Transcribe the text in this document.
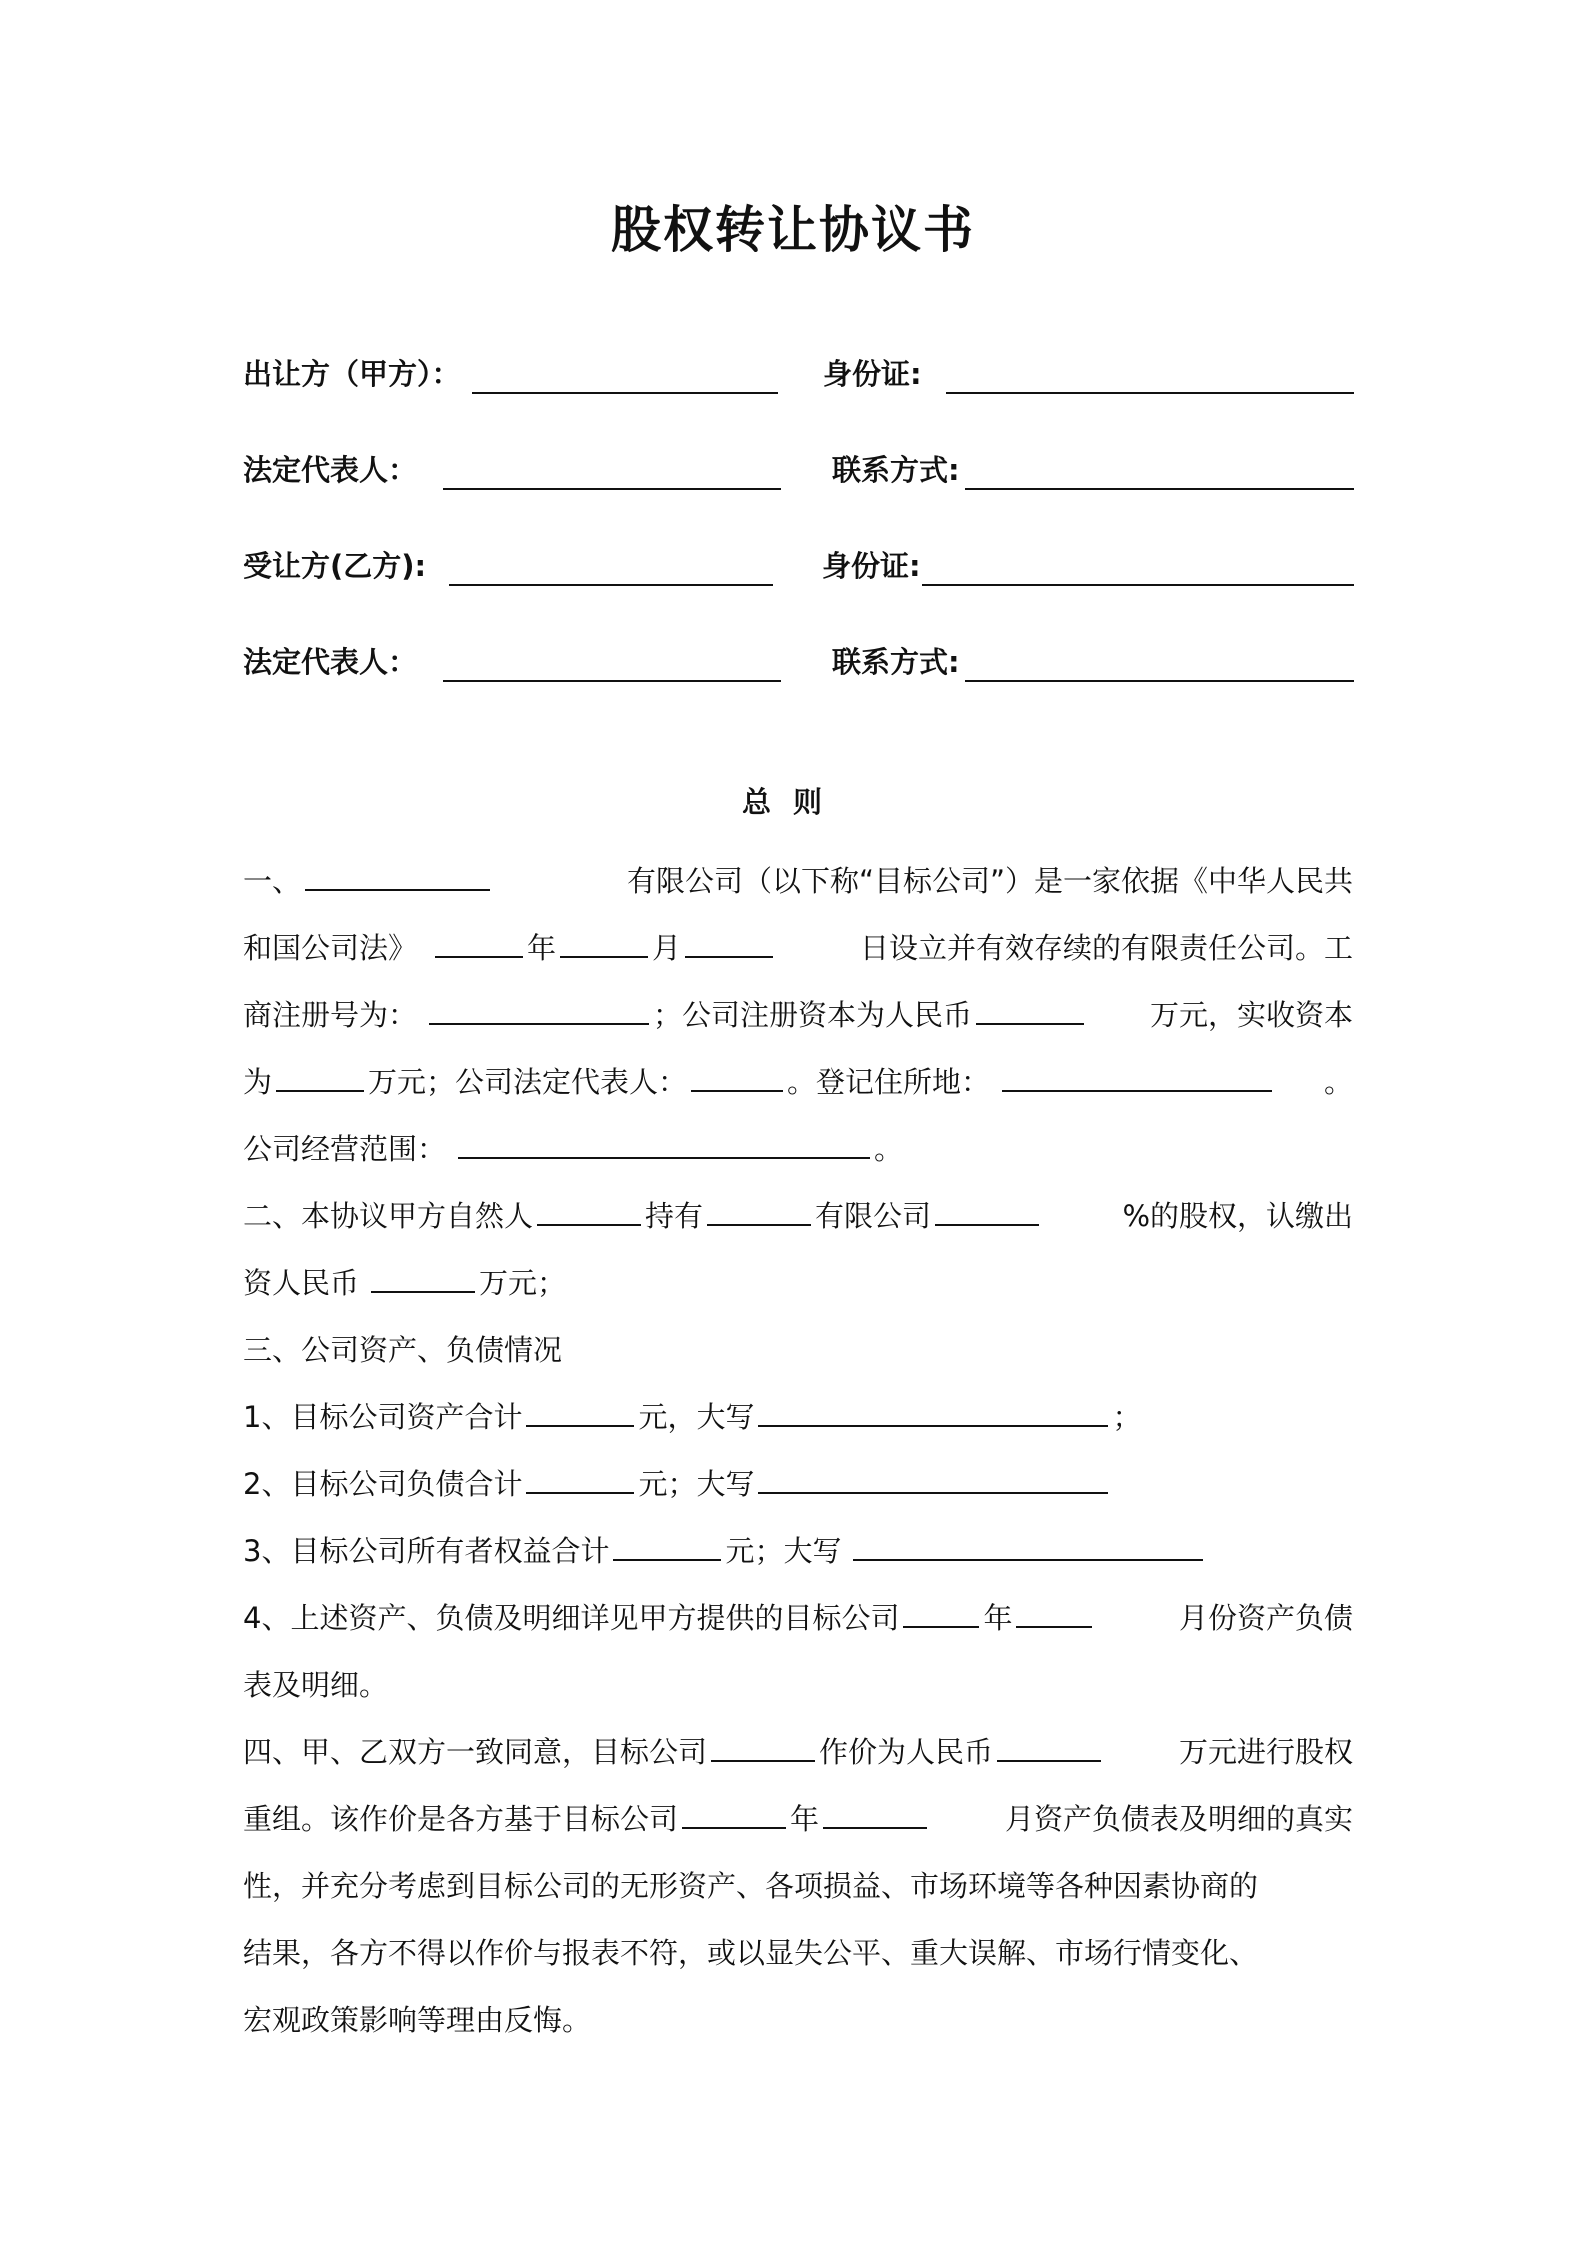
股权转让协议书
出让方（甲方）：	身份证:
法定代表人：	联系方式:
受让方(乙方):	身份证:
法定代表人：	联系方式:
总则
一、	有限公司（以下称“目标公司”）是一家依据《中华人民共
和国公司法》	年	月	日设立并有效存续的有限责任公司。工
商注册号为：	；公司注册资本为人民币	万元，实收资本
为	万元；公司法定代表人：	。登记住所地：	。
公司经营范围：	。
二、本协议甲方自然人	持有	有限公司	%的股权，认缴出
资人民币	万元；
三、公司资产、负债情况
1、目标公司资产合计	元，大写	；
2、目标公司负债合计	元；大写
3、目标公司所有者权益合计	元；大写
4、上述资产、负债及明细详见甲方提供的目标公司	年	月份资产负债
表及明细。
四、甲、乙双方一致同意，目标公司	作价为人民币	万元进行股权
重组。该作价是各方基于目标公司	年	月资产负债表及明细的真实
性，并充分考虑到目标公司的无形资产、各项损益、市场环境等各种因素协商的
结果，各方不得以作价与报表不符，或以显失公平、重大误解、市场行情变化、
宏观政策影响等理由反悔。
